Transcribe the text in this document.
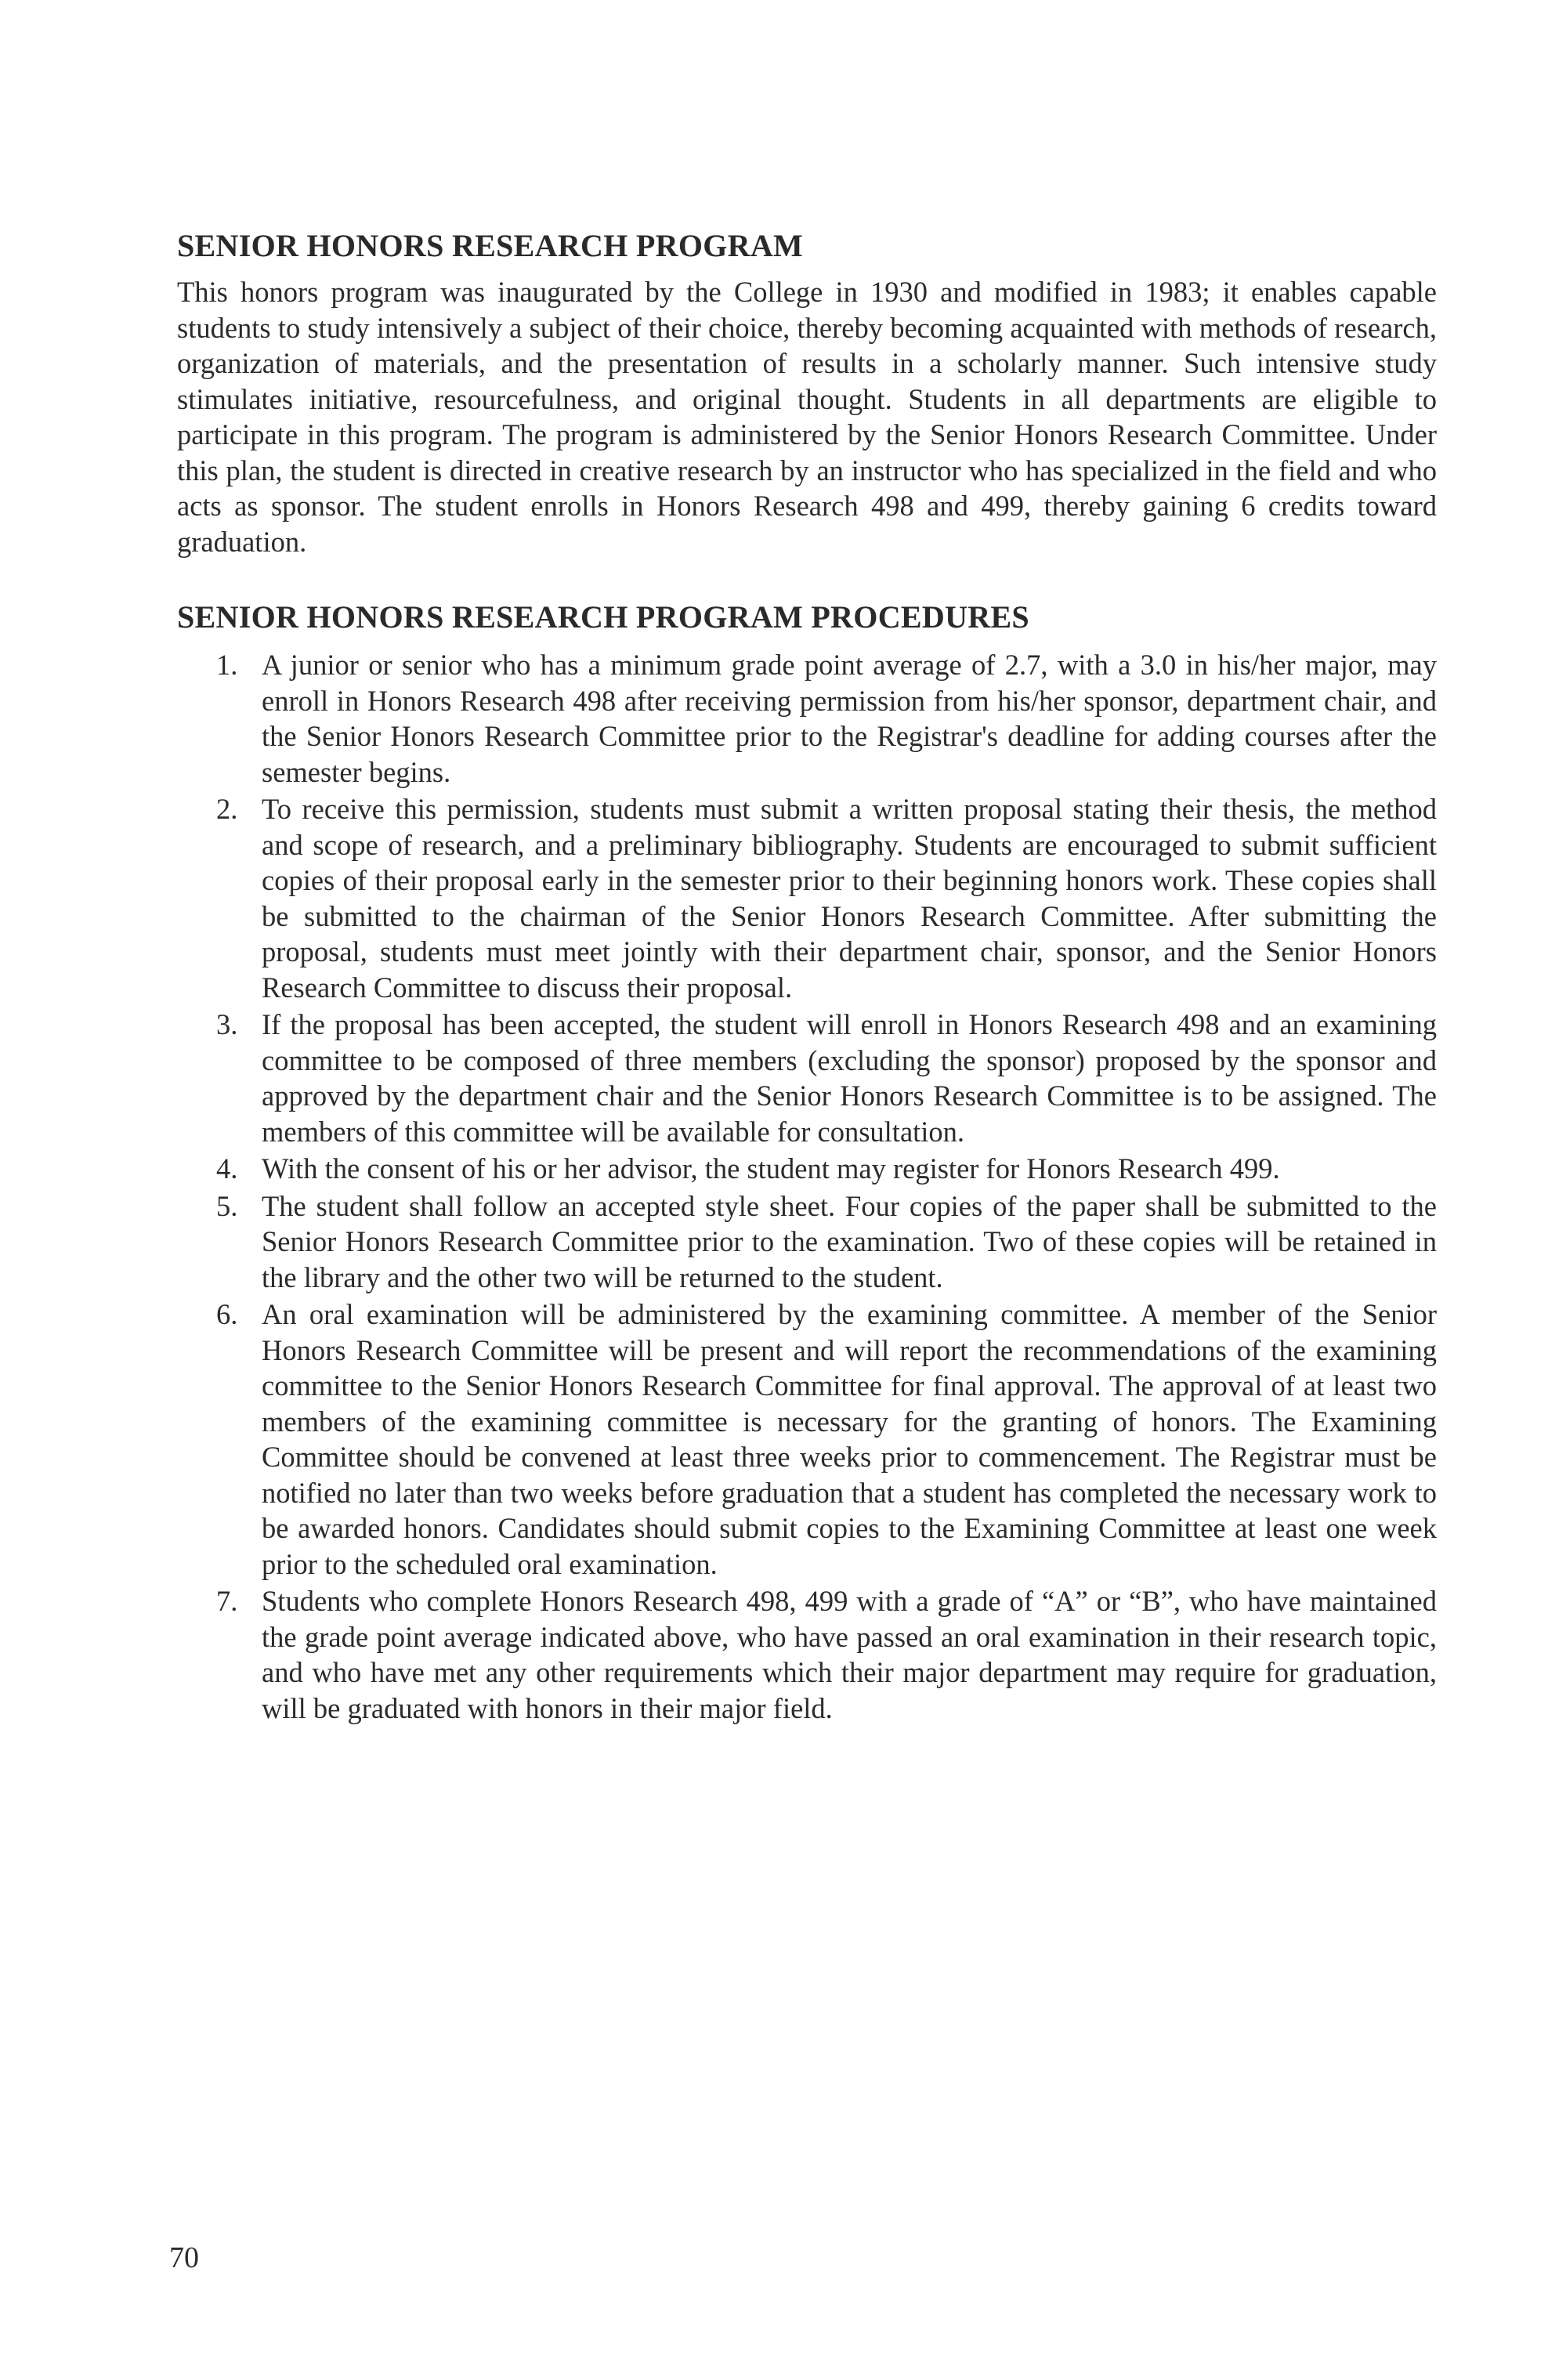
SENIOR HONORS RESEARCH PROGRAM

This honors program was inaugurated by the College in 1930 and modified in 1983; it enables capable students to study intensively a subject of their choice, thereby becoming acquainted with methods of research, organization of materials, and the presentation of results in a scholarly manner. Such intensive study stimulates initiative, resourcefulness, and original thought. Students in all departments are eligible to participate in this program. The program is administered by the Senior Honors Research Committee. Under this plan, the student is directed in creative research by an instructor who has specialized in the field and who acts as sponsor. The student enrolls in Honors Research 498 and 499, thereby gaining 6 credits toward graduation.

SENIOR HONORS RESEARCH PROGRAM PROCEDURES
1. A junior or senior who has a minimum grade point average of 2.7, with a 3.0 in his/her major, may enroll in Honors Research 498 after receiving permission from his/her sponsor, department chair, and the Senior Honors Research Committee prior to the Registrar's deadline for adding courses after the semester begins.
2. To receive this permission, students must submit a written proposal stating their thesis, the method and scope of research, and a preliminary bibliography. Students are encouraged to submit sufficient copies of their proposal early in the semester prior to their beginning honors work. These copies shall be submitted to the chairman of the Senior Honors Research Committee. After submitting the proposal, students must meet jointly with their department chair, sponsor, and the Senior Honors Research Committee to discuss their proposal.
3. If the proposal has been accepted, the student will enroll in Honors Research 498 and an examining committee to be composed of three members (excluding the sponsor) proposed by the sponsor and approved by the department chair and the Senior Honors Research Committee is to be assigned. The members of this committee will be available for consultation.
4. With the consent of his or her advisor, the student may register for Honors Research 499.
5. The student shall follow an accepted style sheet. Four copies of the paper shall be submitted to the Senior Honors Research Committee prior to the examination. Two of these copies will be retained in the library and the other two will be returned to the student.
6. An oral examination will be administered by the examining committee. A member of the Senior Honors Research Committee will be present and will report the recommendations of the examining committee to the Senior Honors Research Committee for final approval. The approval of at least two members of the examining committee is necessary for the granting of honors. The Examining Committee should be convened at least three weeks prior to commencement. The Registrar must be notified no later than two weeks before graduation that a student has completed the necessary work to be awarded honors. Candidates should submit copies to the Examining Committee at least one week prior to the scheduled oral examination.
7. Students who complete Honors Research 498, 499 with a grade of “A” or “B”, who have maintained the grade point average indicated above, who have passed an oral examination in their research topic, and who have met any other requirements which their major department may require for graduation, will be graduated with honors in their major field.
70
